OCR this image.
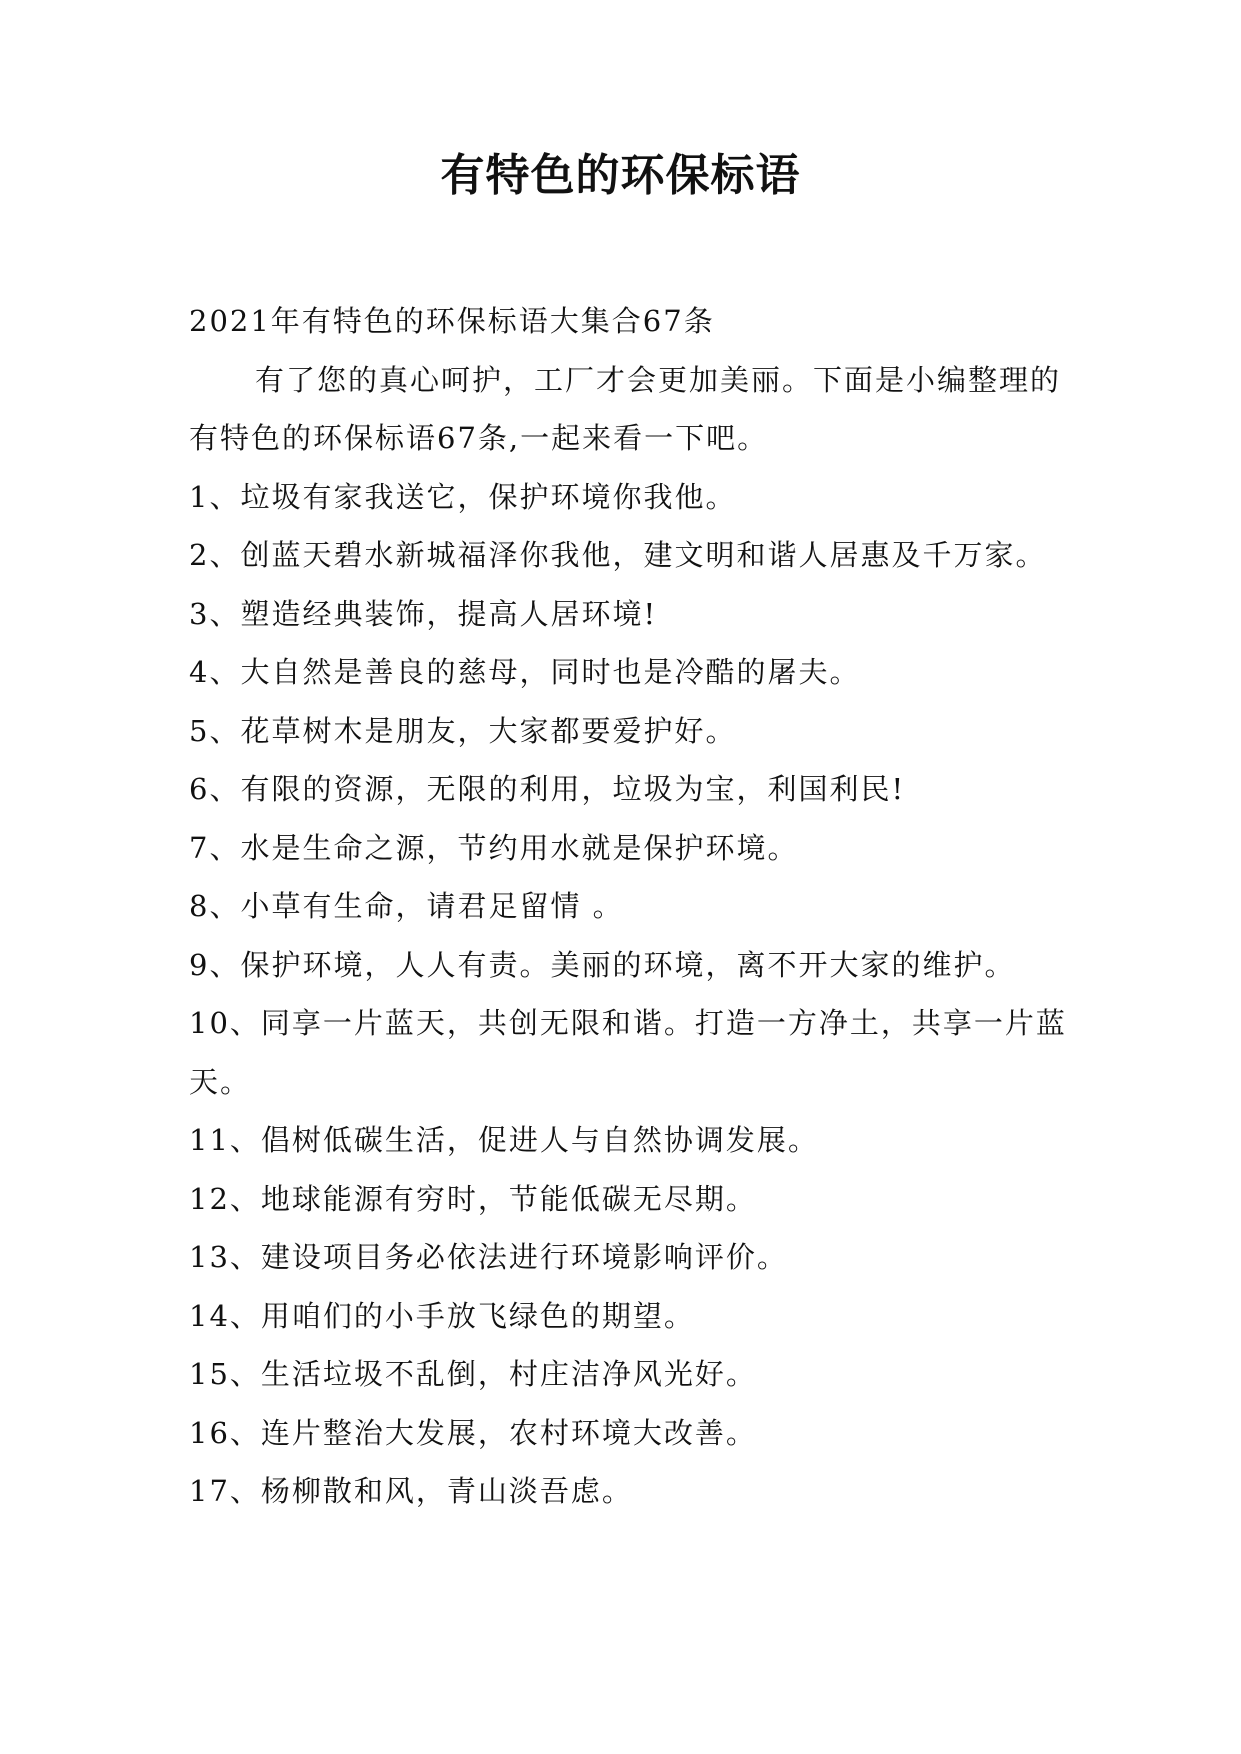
有特色的环保标语

2021年有特色的环保标语大集合67条

有了您的真心呵护，工厂才会更加美丽。下面是小编整理的有特色的环保标语67条,一起来看一下吧。

1、垃圾有家我送它，保护环境你我他。

2、创蓝天碧水新城福泽你我他，建文明和谐人居惠及千万家。

3、塑造经典装饰，提高人居环境!

4、大自然是善良的慈母，同时也是冷酷的屠夫。

5、花草树木是朋友，大家都要爱护好。

6、有限的资源，无限的利用，垃圾为宝，利国利民!

7、水是生命之源，节约用水就是保护环境。

8、小草有生命，请君足留情 。

9、保护环境，人人有责。美丽的环境，离不开大家的维护。

10、同享一片蓝天，共创无限和谐。打造一方净土，共享一片蓝天。

11、倡树低碳生活，促进人与自然协调发展。

12、地球能源有穷时，节能低碳无尽期。

13、建设项目务必依法进行环境影响评价。

14、用咱们的小手放飞绿色的期望。

15、生活垃圾不乱倒，村庄洁净风光好。

16、连片整治大发展，农村环境大改善。

17、杨柳散和风，青山淡吾虑。
